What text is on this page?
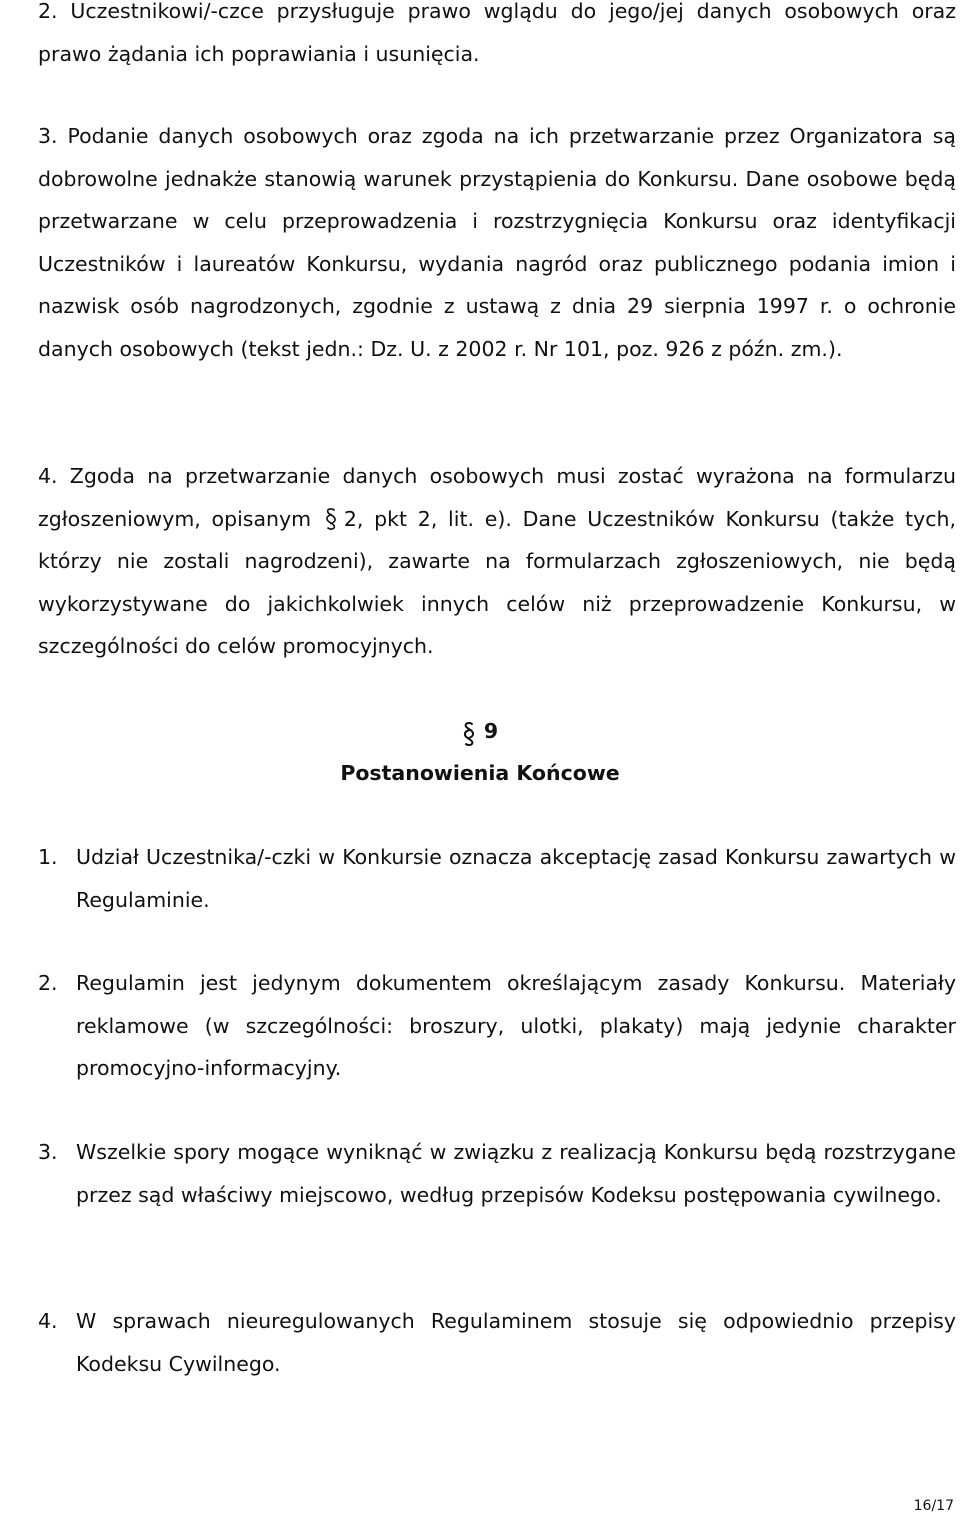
2. Uczestnikowi/-czce przysługuje prawo wglądu do jego/jej danych osobowych oraz prawo żądania ich poprawiania i usunięcia.

3. Podanie danych osobowych oraz zgoda na ich przetwarzanie przez Organizatora są dobrowolne jednakże stanowią warunek przystąpienia do Konkursu. Dane osobowe będą przetwarzane w celu przeprowadzenia i rozstrzygnięcia Konkursu oraz identyfikacji Uczestników i laureatów Konkursu, wydania nagród oraz publicznego podania imion i nazwisk osób nagrodzonych, zgodnie z ustawą z dnia 29 sierpnia 1997 r. o ochronie danych osobowych (tekst jedn.: Dz. U. z 2002 r. Nr 101, poz. 926 z późn. zm.).

4. Zgoda na przetwarzanie danych osobowych musi zostać wyrażona na formularzu zgłoszeniowym, opisanym 2, pkt 2, lit. e). Dane Uczestników Konkursu (także tych, którzy nie zostali nagrodzeni), zawarte na formularzach zgłoszeniowych, nie będą wykorzystywane do jakichkolwiek innych celów niż przeprowadzenie Konkursu, w szczególności do celów promocyjnych.

9
Postanowienia Końcowe

1. Udział Uczestnika/-czki w Konkursie oznacza akceptację zasad Konkursu zawartych w Regulaminie.

2. Regulamin jest jedynym dokumentem określającym zasady Konkursu. Materiały reklamowe (w szczególności: broszury, ulotki, plakaty) mają jedynie charakter promocyjno-informacyjny.

3. Wszelkie spory mogące wyniknąć w związku z realizacją Konkursu będą rozstrzygane przez sąd właściwy miejscowo, według przepisów Kodeksu postępowania cywilnego.

4. W sprawach nieuregulowanych Regulaminem stosuje się odpowiednio przepisy Kodeksu Cywilnego.

16/17
